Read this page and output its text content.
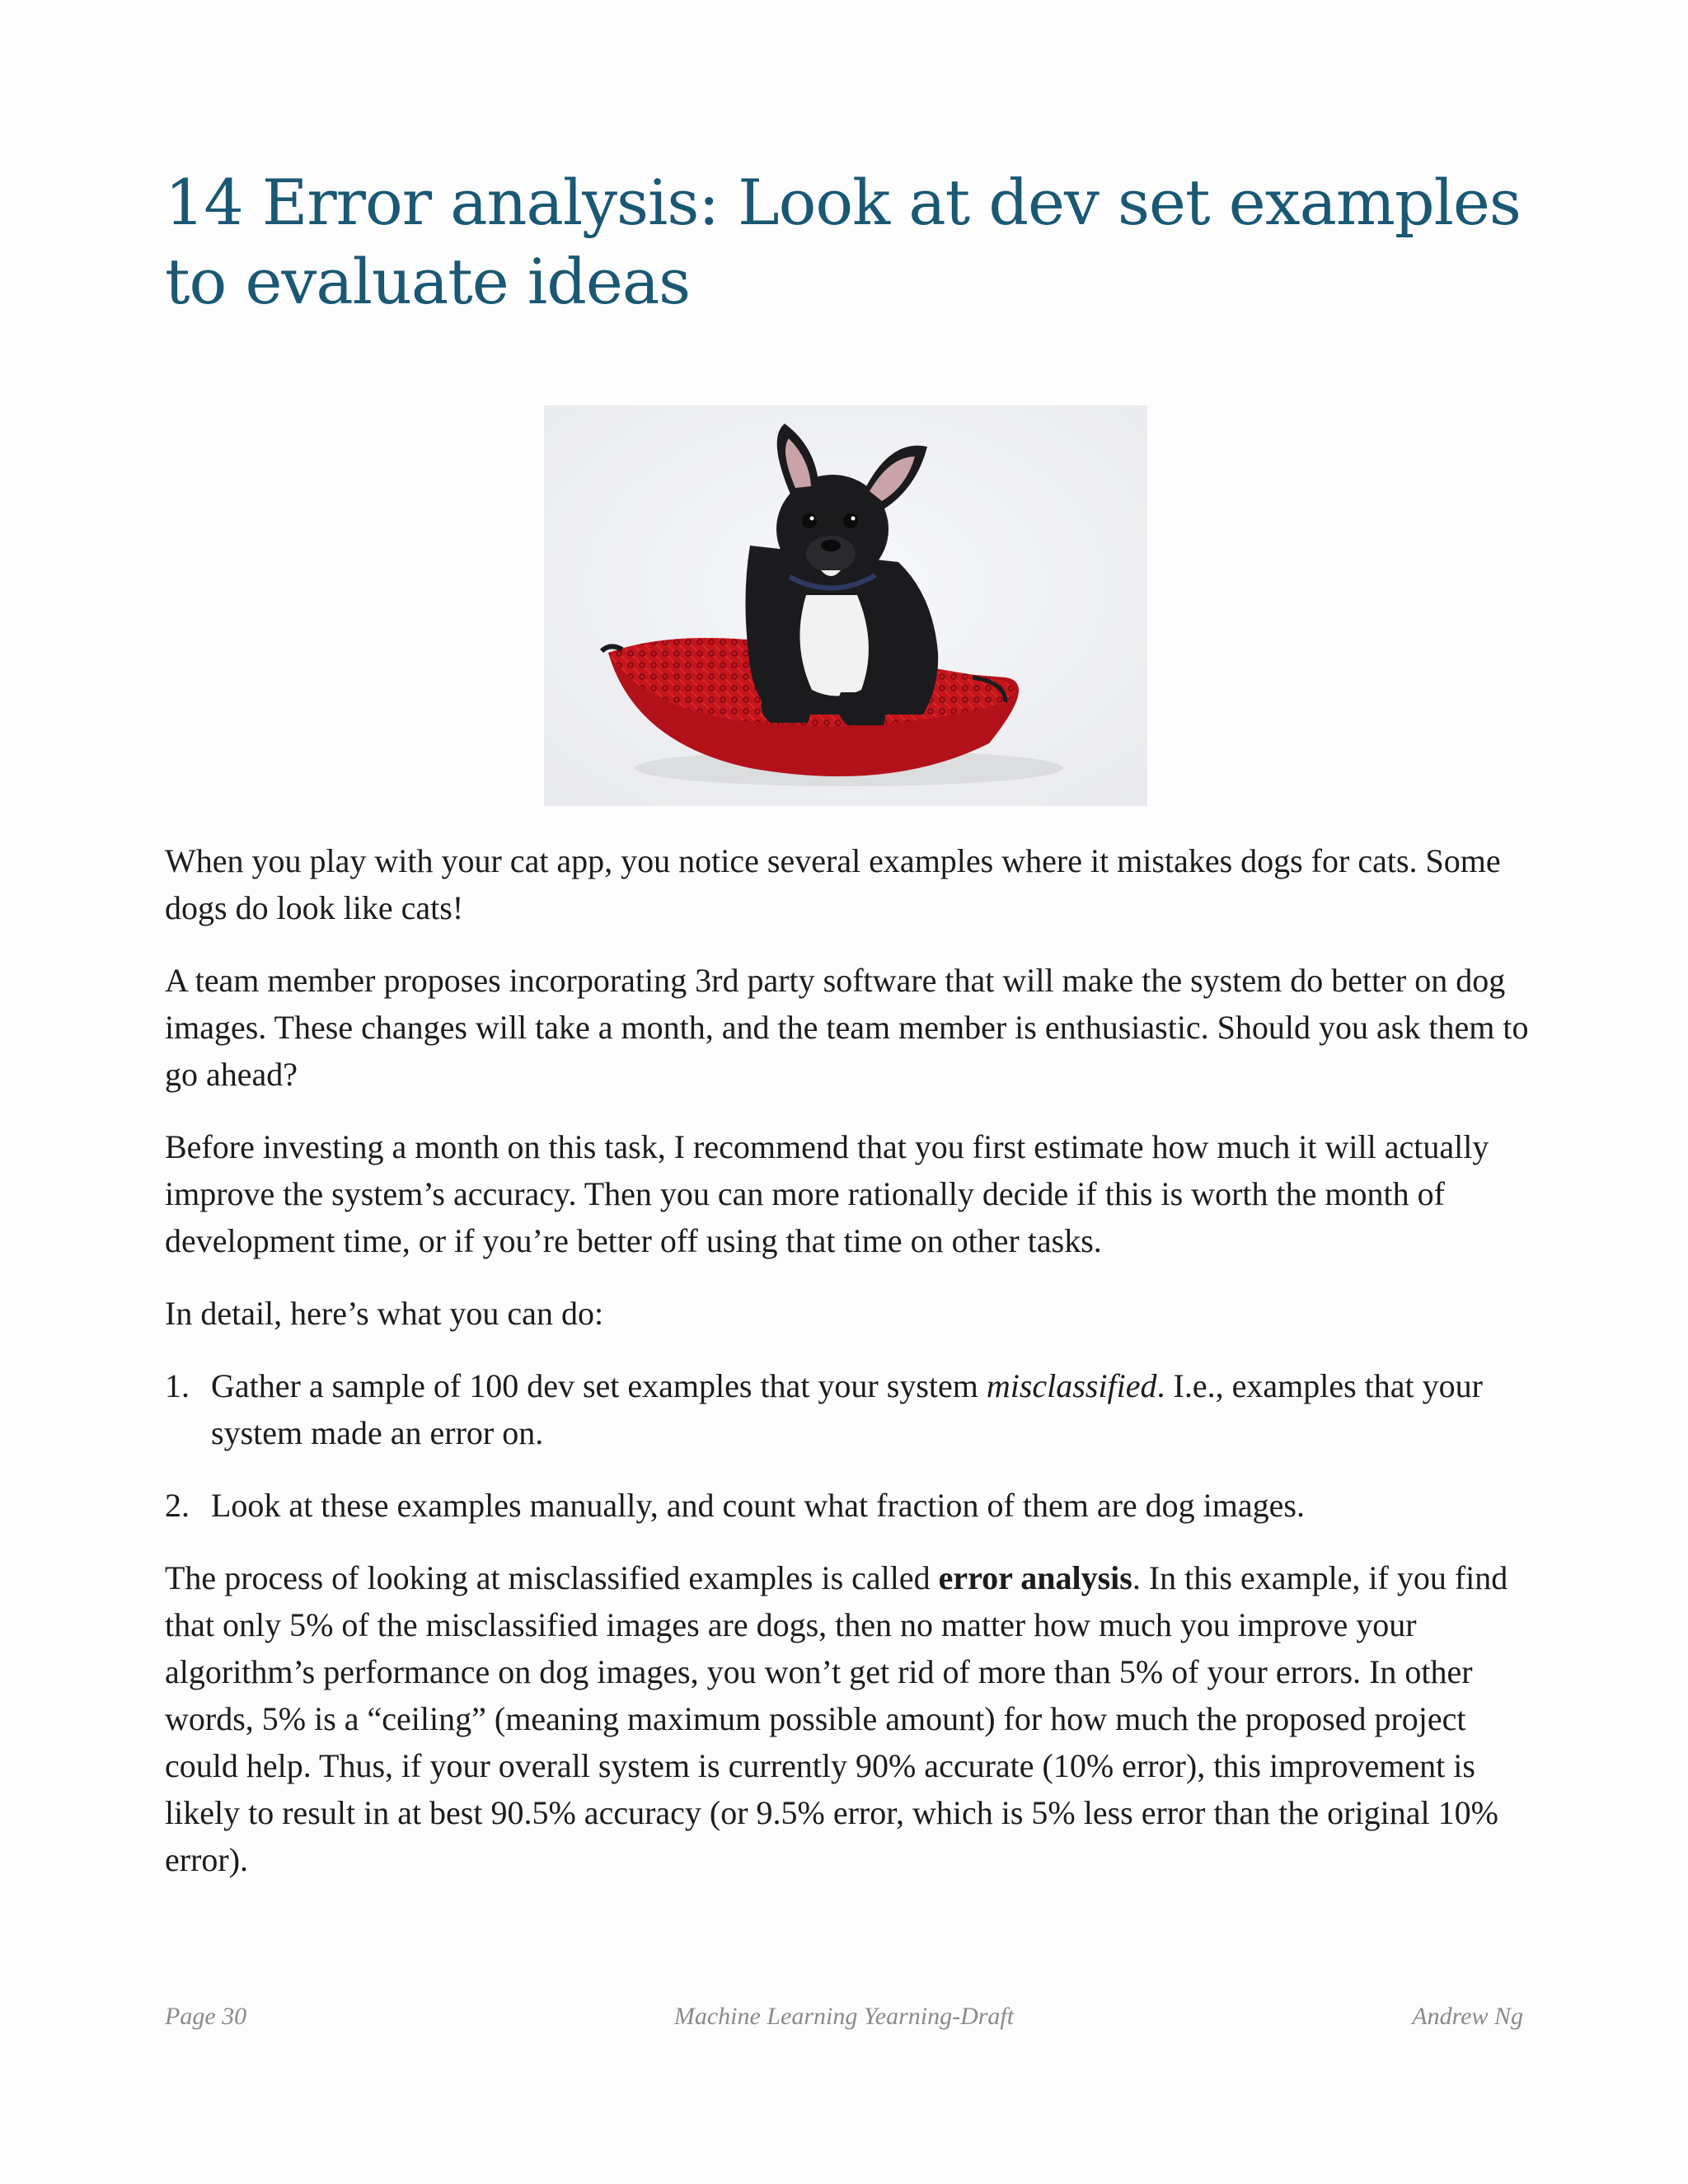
14 Error analysis: Look at dev set examples to evaluate ideas

When you play with your cat app, you notice several examples where it mistakes dogs for cats. Some dogs do look like cats!

A team member proposes incorporating 3rd party software that will make the system do better on dog images. These changes will take a month, and the team member is enthusiastic. Should you ask them to go ahead?

Before investing a month on this task, I recommend that you first estimate how much it will actually improve the system’s accuracy. Then you can more rationally decide if this is worth the month of development time, or if you’re better off using that time on other tasks.

In detail, here’s what you can do:

1. Gather a sample of 100 dev set examples that your system misclassified. I.e., examples that your system made an error on.
2. Look at these examples manually, and count what fraction of them are dog images.

The process of looking at misclassified examples is called error analysis. In this example, if you find that only 5% of the misclassified images are dogs, then no matter how much you improve your algorithm’s performance on dog images, you won’t get rid of more than 5% of your errors. In other words, 5% is a “ceiling” (meaning maximum possible amount) for how much the proposed project could help. Thus, if your overall system is currently 90% accurate (10% error), this improvement is likely to result in at best 90.5% accuracy (or 9.5% error, which is 5% less error than the original 10% error).

Page 30	Machine Learning Yearning-Draft	Andrew Ng
